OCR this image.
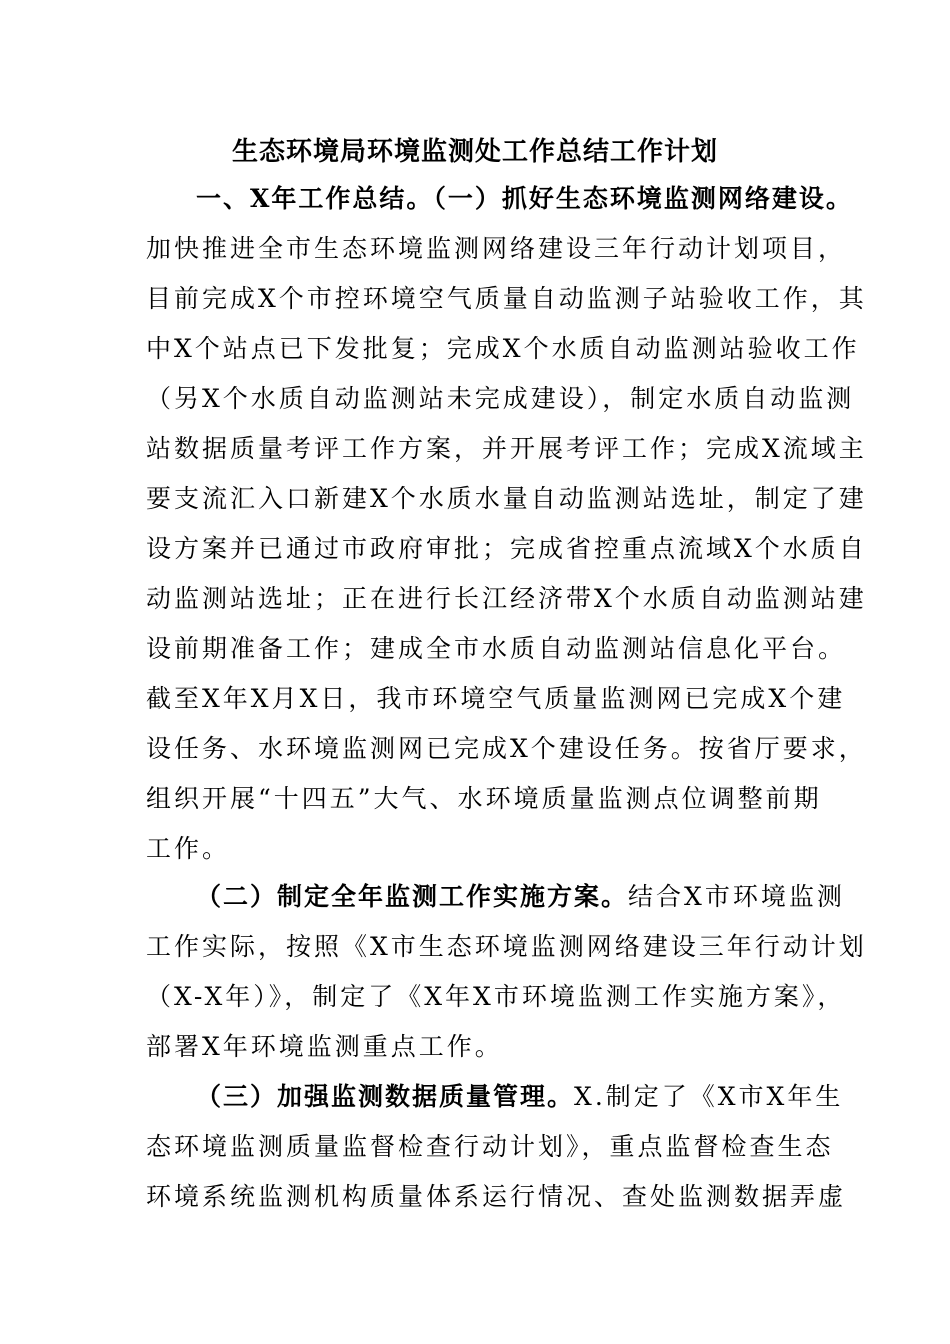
生态环境局环境监测处工作总结工作计划
一、X年工作总结。（一）抓好生态环境监测网络建设。
加快推进全市生态环境监测网络建设三年行动计划项目，
目前完成X个市控环境空气质量自动监测子站验收工作，其
中X个站点已下发批复；完成X个水质自动监测站验收工作
（另X个水质自动监测站未完成建设），制定水质自动监测
站数据质量考评工作方案，并开展考评工作；完成X流域主
要支流汇入口新建X个水质水量自动监测站选址，制定了建
设方案并已通过市政府审批；完成省控重点流域X个水质自
动监测站选址；正在进行长江经济带X个水质自动监测站建
设前期准备工作；建成全市水质自动监测站信息化平台。
截至X年X月X日，我市环境空气质量监测网已完成X个建
设任务、水环境监测网已完成X个建设任务。按省厅要求，
组织开展“十四五”大气、水环境质量监测点位调整前期
工作。
（二）制定全年监测工作实施方案。结合X市环境监测
工作实际，按照《X市生态环境监测网络建设三年行动计划
（X-X年）》，制定了《X年X市环境监测工作实施方案》，
部署X年环境监测重点工作。
（三）加强监测数据质量管理。X.制定了《X市X年生
态环境监测质量监督检查行动计划》，重点监督检查生态
环境系统监测机构质量体系运行情况、查处监测数据弄虚
